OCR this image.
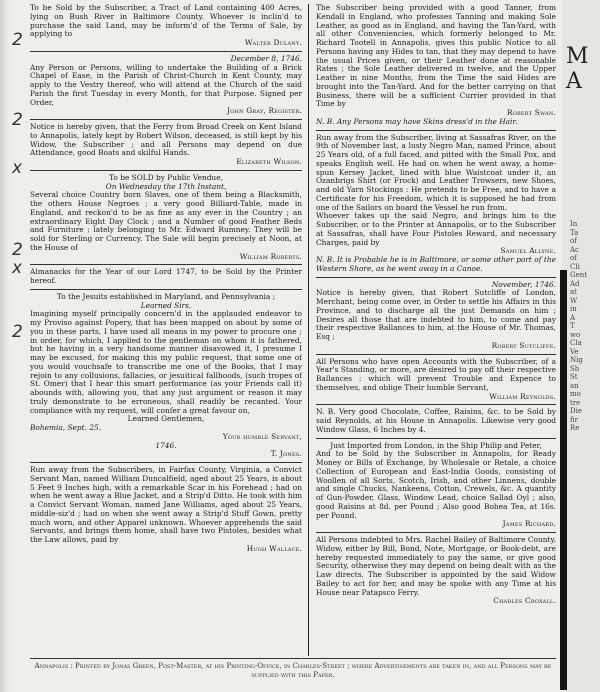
To be Sold by the Subscriber, a Tract of Land containing 400 Acres, lying on Bush River in Baltimore County. Whoever is inclin'd to purchase the said Land, may be inform'd of the Terms of Sale, by applying to

Walter Dulany.
December 8, 1746.

Any Person or Persons, willing to undertake the Building of a Brick Chapel of Ease, in the Parish of Christ-Church in Kent County, may apply to the Vestry thereof, who will attend at the Church of the said Parish the first Tuesday in every Month, for that Purpose. Signed per Order,

John Gray, Register.

Notice is hereby given, that the Ferry from Broad Creek on Kent Island to Annapolis, lately kept by Robert Wilson, deceased, is still kept by his Widow, the Subscriber ; and all Persons may depend on due Attendance, good Boats and skilful Hands.

Elizabeth Wilson.
To be SOLD by Public Vendue,
On Wednesday the 17th Instant,

Several choice Country born Slaves, one of them being a Blacksmith, the others House Negroes ; a very good Billiard-Table, made in England, and reckon'd to be as fine as any ever in the Country ; an extraordinary Eight Day Clock ; and a Number of good Feather Beds and Furniture ; lately belonging to Mr. Edward Rumney. They will be sold for Sterling or Currency. The Sale will begin precisely at Noon, at the House of

William Roberts.

Almanacks for the Year of our Lord 1747, to be Sold by the Printer hereof.

To the Jesuits established in Maryland, and Pennsylvania ;
Learned Sirs,

Imagining myself principally concern'd in the applauded endeavor to my Proviso against Popery, that has been mapped on about by some of you in these parts, I have used all means in my power to procure one ; in order, for which, I applied to the gentleman on whom it is fathered, but he having in a very handsome manner disavowed it, I presume I may be excused, for making this my public request, that some one of you would vouchsafe to transcribe me one of the Books, that I may rejoin to any collusions, fallacies, or jesuitical fallhoods, (such tropes of St. Omer) that I hear this smart performance (as your Friends call it) abounds with, allowing you, that any just argument or reason it may truly demonstrate to be erroneous, shall readily be recanted. Your compliance with my request, will confer a great favour on,

Learned Gentlemen,
Bohemia, Sept. 25.
Your humble Servant,
1746.
T. Jones.

Run away from the Subscribers, in Fairfax County, Virginia, a Convict Servant Man, named William Duncalfield, aged about 25 Years, is about 5 Feet 9 Inches high, with a remarkable Scar in his Forehead ; had on when he went away a Blue Jacket, and a Strip'd Ditto. He took with him a Convict Servant Woman, named Jane Williams, aged about 25 Years, middle-siz'd ; had on when she went away a Strip'd Stuff Gown, pretty much worn, and other Apparel unknown. Whoever apprehends the said Servants, and brings them home, shall have two Pistoles, besides what the Law allows, paid by

Hugh Wallace.

The Subscriber being provided with a good Tanner, from Kendall in England, who professes Tanning and making Sole Leather, as good as in England, and having the Tan-Yard, with all other Conveniencies, which formerly belonged to Mr. Richard Tootell in Annapolis, gives this public Notice to all Persons having any Hides to tan, that they may depend to have the usual Prices given, or their Leather done at reasonable Rates ; the Sole Leather delivered in twelve, and the Upper Leather in nine Months, from the Time the said Hides are brought into the Tan-Yard. And for the better carrying on that Business, there will be a sufficient Currier provided in that Time by

Robert Swan.

N. B. Any Persons may have Skins dress'd in the Hair.

Run away from the Subscriber, living at Sassafras River, on the 9th of November last, a lusty Negro Man, named Prince, about 25 Years old, of a full faced, and pitted with the Small Pox, and speaks English well. He had on when he went away, a home-spun Kersey Jacket, lined with blue Waistcoat under it, an Ozanbrigs Shirt (or Frock) and Leather Trowsers, new Shoes, and old Yarn Stockings : He pretends to be Free, and to have a Certificate for his Freedom, which it is supposed he had from one of the Sailors on board the Vessel he run from.

Whoever takes up the said Negro, and brings him to the Subscriber, or to the Printer at Annapolis, or to the Subscriber at Sassafras, shall have Four Pistoles Reward, and necessary Charges, paid by

Samuel Allyne.

N. B. It is Probable he is in Baltimore, or some other part of the Western Shore, as he went away in a Canoe.

November, 1746.

Notice is hereby given, that Robert Sutcliffe of London, Merchant, being come over, in Order to settle his Affairs in this Province, and to discharge all the just Demands on him ; Desires all those that are indebted to him, to come and pay their respective Ballances to him, at the House of Mr. Thomas, Esq ;

Robert Sutcliffe.

All Persons who have open Accounts with the Subscriber, of a Year's Standing, or more, are desired to pay off their respective Ballances : which will prevent Trouble and Expence to themselves, and oblige Their humble Servant,

William Reynolds.

N. B. Very good Chocolate, Coffee, Raisins, &c. to be Sold by said Reynolds, at his House in Annapolis. Likewise very good Window Glass, 6 Inches by 4.

Just Imported from London, in the Ship Philip and Peter,

And to be Sold by the Subscriber in Annapolis, for Ready Money or Bills of Exchange, by Wholesale or Retale, a choice Collection of European and East-India Goods, consisting of Woollen of all Sorts, Scotch, Irish, and other Linnens, double and single Chucks, Nankeens, Cotton, Crewels, &c. A quantity of Gun-Powder, Glass, Window Lead, choice Sallad Oyl ; also, good Raisins at 8d. per Pound ; Also good Bohea Tea, at 16s. per Pound.

James Richard.

All Persons indebted to Mrs. Rachel Bailey of Baltimore County, Widow, either by Bill, Bond, Note, Mortgage, or Book-debt, are hereby requested immediately to pay the same, or give good Security, otherwise they may depend on being dealt with as the Law directs. The Subscriber is appointed by the said Widow Bailey to act for her, and may be spoke with any Time at his House near Patapsco Ferry.

Charles Croxall.
2
2
x
2
x
2
In
Ta
of
Ac
of
Cli
Gent
Ad
at
W
in
A
T
wo
Cla
Ve
Nig
Sh
St
an
mo
tre
Die
fir
Re
M A
Annapolis : Printed by Jonas Green, Post-Master, at his Printing-Office, in Charles-Street ; where Advertisements are taken in, and all Persons may be supplied with this Paper.
